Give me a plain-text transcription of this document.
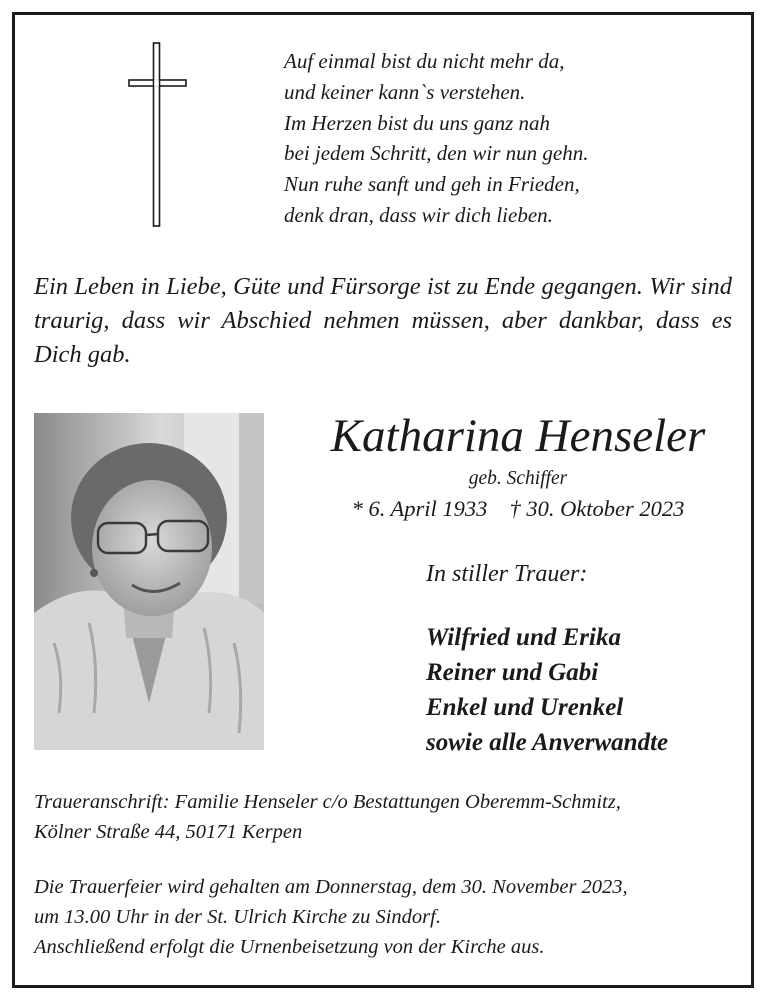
Auf einmal bist du nicht mehr da,
und keiner kann`s verstehen.
Im Herzen bist du uns ganz nah
bei jedem Schritt, den wir nun gehn.
Nun ruhe sanft und geh in Frieden,
denk dran, dass wir dich lieben.

Ein Leben in Liebe, Güte und Fürsorge ist zu Ende gegangen. Wir sind traurig, dass wir Abschied nehmen müssen, aber dankbar, dass es Dich gab.

Katharina Henseler
geb. Schiffer
* 6. April 1933 † 30. Oktober 2023
In stiller Trauer:
Wilfried und Erika
Reiner und Gabi
Enkel und Urenkel
sowie alle Anverwandte
Traueranschrift: Familie Henseler c/o Bestattungen Oberemm-Schmitz,
Kölner Straße 44, 50171 Kerpen
Die Trauerfeier wird gehalten am Donnerstag, dem 30. November 2023,
um 13.00 Uhr in der St. Ulrich Kirche zu Sindorf.
Anschließend erfolgt die Urnenbeisetzung von der Kirche aus.
